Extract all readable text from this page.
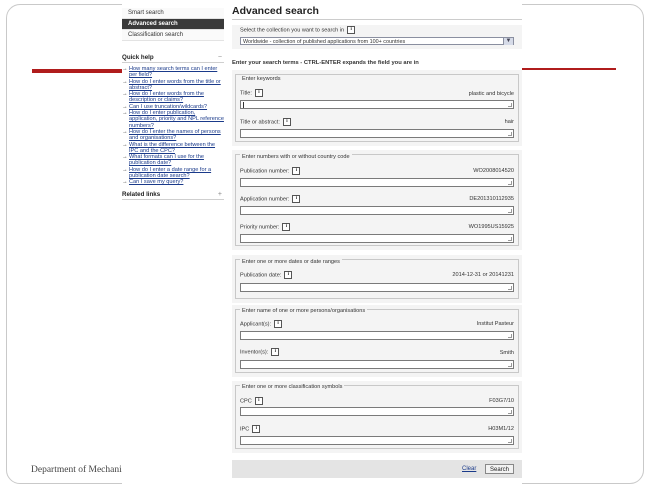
Department of Mechani
Smart search
Advanced search
Classification search
Quick help	−
→ How many search terms can I enter per field?
→ How do I enter words from the title or abstract?
→ How do I enter words from the description or claims?
→ Can I use truncation/wildcards?
→ How do I enter publication, application, priority and NPL reference numbers?
→ How do I enter the names of persons and organisations?
→ What is the difference between the IPC and the CPC?
→ What formats can I use for the publication date?
→ How do I enter a date range for a publication date search?
→ Can I save my query?
Related links	+
Advanced search
Select the collection you want to search in i
Worldwide - collection of published applications from 100+ countries	▼
Enter your search terms - CTRL-ENTER expands the field you are in
Enter keywords
Title: i	plastic and bicycle
Title or abstract: i	hair
Enter numbers with or without country code
Publication number: i	WO2008014520
Application number: i	DE201310112935
Priority number: i	WO1995US15925
Enter one or more dates or date ranges
Publication date: i	2014-12-31 or 20141231
Enter name of one or more persons/organisations
Applicant(s): i	Institut Pasteur
Inventor(s): i	Smith
Enter one or more classification symbols
CPC i	F03G7/10
IPC i	H03M1/12
Clear	Search
